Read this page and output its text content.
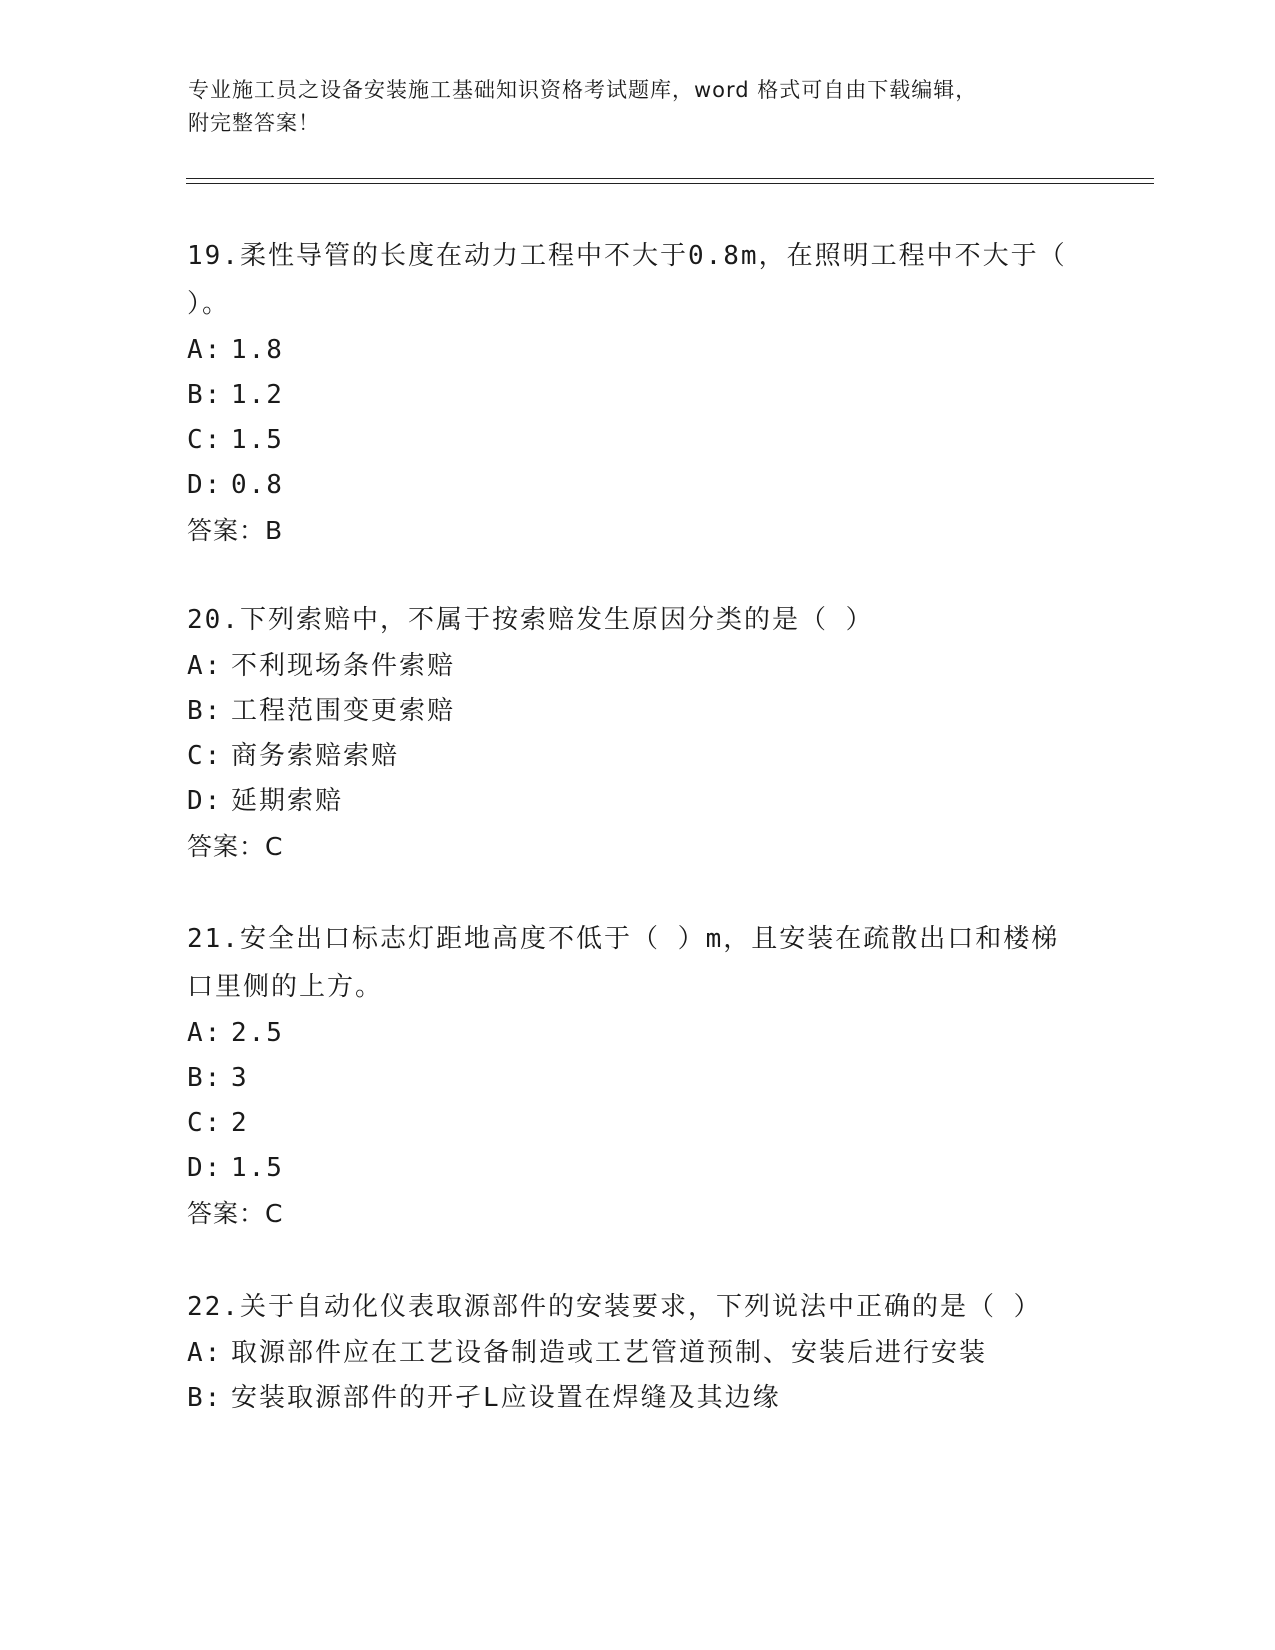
专业施工员之设备安装施工基础知识资格考试题库，word 格式可自由下载编辑，
附完整答案！

19.柔性导管的长度在动力工程中不大于0.8m，在照明工程中不大于（ ）。

A: 1.8
B: 1.2
C: 1.5
D: 0.8
答案：B

20.下列索赔中，不属于按索赔发生原因分类的是（ ）

A: 不利现场条件索赔
B: 工程范围变更索赔
C: 商务索赔索赔
D: 延期索赔
答案：C

21.安全出口标志灯距地高度不低于（ ）m，且安装在疏散出口和楼梯口里侧的上方。

A: 2.5
B: 3
C: 2
D: 1.5
答案：C

22.关于自动化仪表取源部件的安装要求，下列说法中正确的是（ ）

A: 取源部件应在工艺设备制造或工艺管道预制、安装后进行安装
B: 安装取源部件的开孑L应设置在焊缝及其边缘
